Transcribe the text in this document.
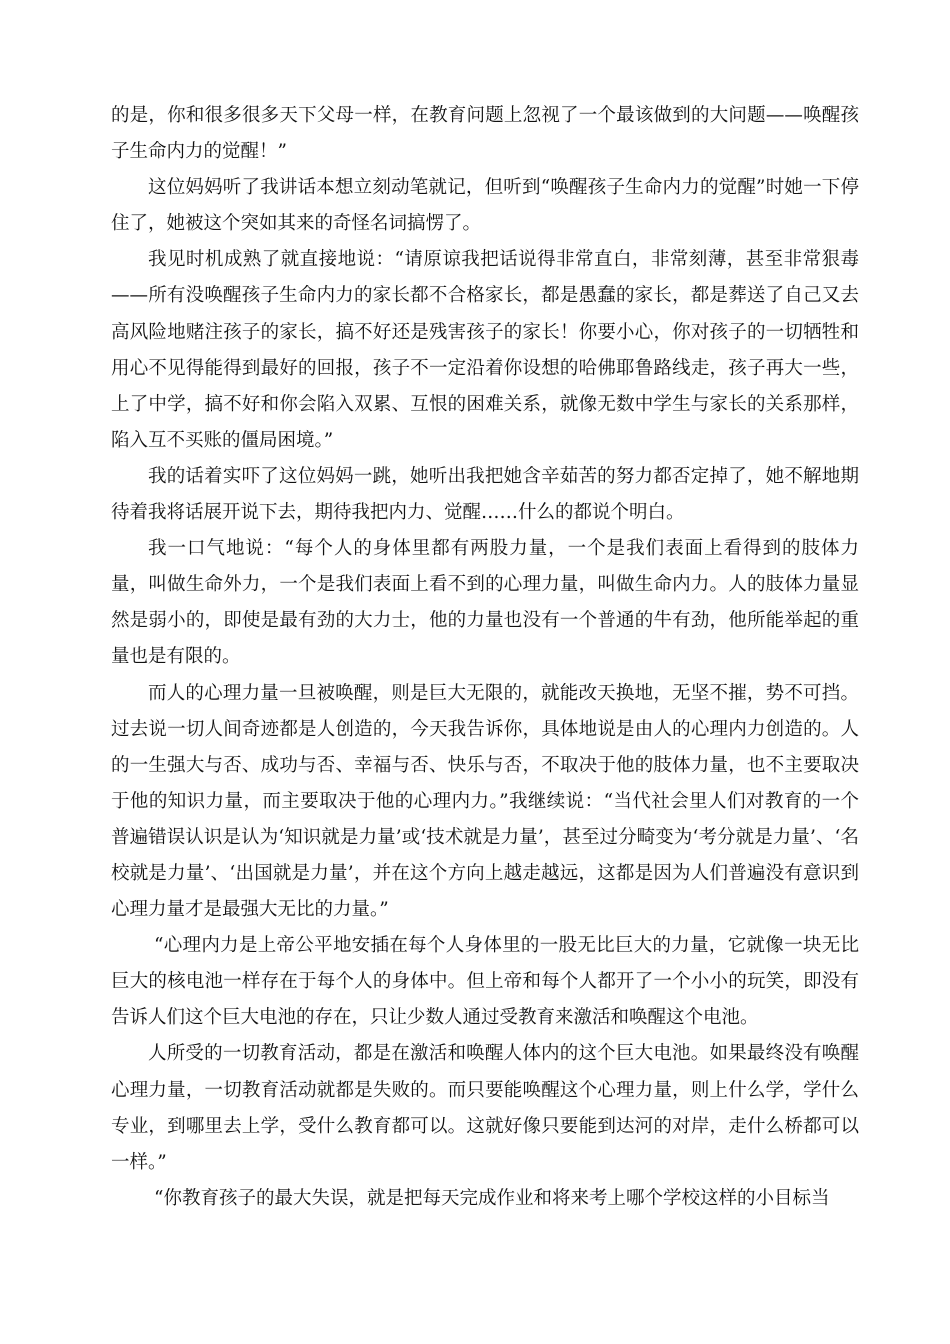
的是，你和很多很多天下父母一样，在教育问题上忽视了一个最该做到的大问题——唤醒孩子生命内力的觉醒！”

这位妈妈听了我讲话本想立刻动笔就记，但听到“唤醒孩子生命内力的觉醒”时她一下停住了，她被这个突如其来的奇怪名词搞愣了。

我见时机成熟了就直接地说：“请原谅我把话说得非常直白，非常刻薄，甚至非常狠毒——所有没唤醒孩子生命内力的家长都不合格家长，都是愚蠢的家长，都是葬送了自己又去高风险地赌注孩子的家长，搞不好还是残害孩子的家长！你要小心，你对孩子的一切牺牲和用心不见得能得到最好的回报，孩子不一定沿着你设想的哈佛耶鲁路线走，孩子再大一些，上了中学，搞不好和你会陷入双累、互恨的困难关系，就像无数中学生与家长的关系那样，陷入互不买账的僵局困境。”

我的话着实吓了这位妈妈一跳，她听出我把她含辛茹苦的努力都否定掉了，她不解地期待着我将话展开说下去，期待我把内力、觉醒……什么的都说个明白。

我一口气地说：“每个人的身体里都有两股力量，一个是我们表面上看得到的肢体力量，叫做生命外力，一个是我们表面上看不到的心理力量，叫做生命内力。人的肢体力量显然是弱小的，即使是最有劲的大力士，他的力量也没有一个普通的牛有劲，他所能举起的重量也是有限的。

而人的心理力量一旦被唤醒，则是巨大无限的，就能改天换地，无坚不摧，势不可挡。过去说一切人间奇迹都是人创造的，今天我告诉你，具体地说是由人的心理内力创造的。人的一生强大与否、成功与否、幸福与否、快乐与否，不取决于他的肢体力量，也不主要取决于他的知识力量，而主要取决于他的心理内力。”我继续说：“当代社会里人们对教育的一个普遍错误认识是认为‘知识就是力量’或‘技术就是力量’，甚至过分畸变为‘考分就是力量’、‘名校就是力量’、‘出国就是力量’，并在这个方向上越走越远，这都是因为人们普遍没有意识到心理力量才是最强大无比的力量。”

“心理内力是上帝公平地安插在每个人身体里的一股无比巨大的力量，它就像一块无比巨大的核电池一样存在于每个人的身体中。但上帝和每个人都开了一个小小的玩笑，即没有告诉人们这个巨大电池的存在，只让少数人通过受教育来激活和唤醒这个电池。

人所受的一切教育活动，都是在激活和唤醒人体内的这个巨大电池。如果最终没有唤醒心理力量，一切教育活动就都是失败的。而只要能唤醒这个心理力量，则上什么学，学什么专业，到哪里去上学，受什么教育都可以。这就好像只要能到达河的对岸，走什么桥都可以一样。”

“你教育孩子的最大失误，就是把每天完成作业和将来考上哪个学校这样的小目标当
